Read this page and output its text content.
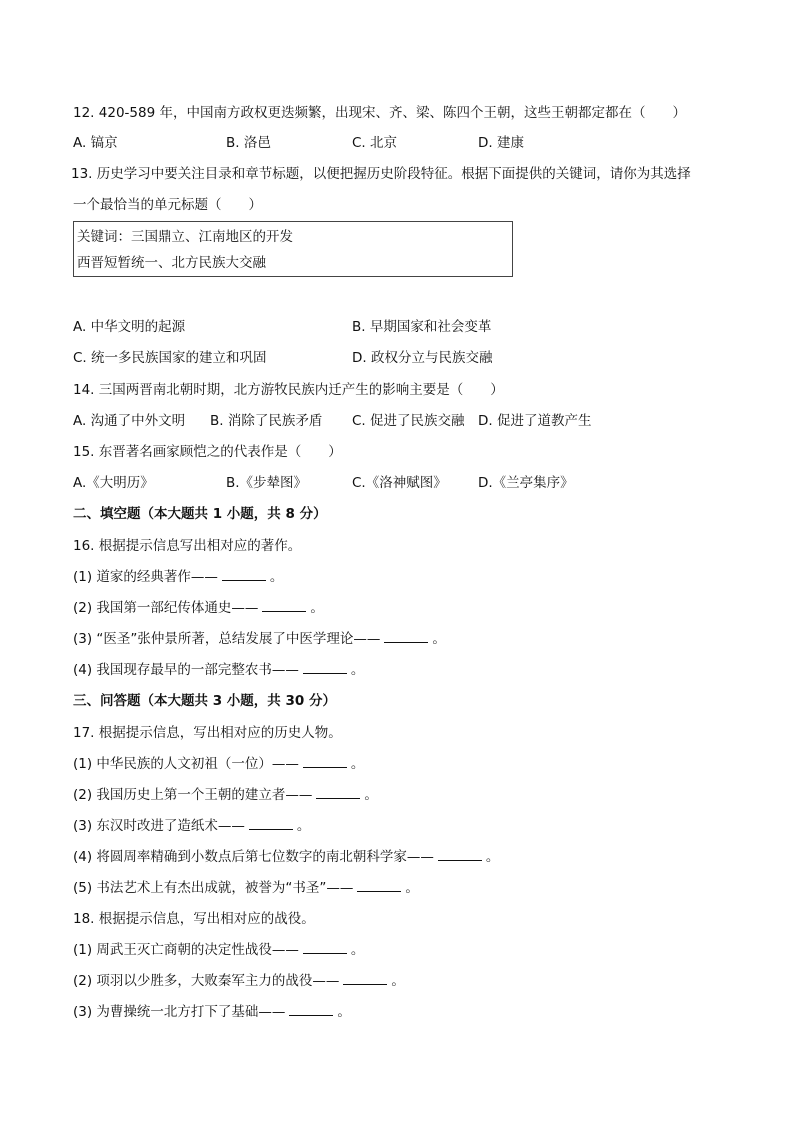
12. 420-589 年，中国南方政权更迭频繁，出现宋、齐、梁、陈四个王朝，这些王朝都定都在（　　）
A. 镐京	B. 洛邑	C. 北京	D. 建康
13. 历史学习中要关注目录和章节标题，以便把握历史阶段特征。根据下面提供的关键词，请你为其选择
一个最恰当的单元标题（　　）
关键词：三国鼎立、江南地区的开发
西晋短暂统一、北方民族大交融
A. 中华文明的起源	B. 早期国家和社会变革
C. 统一多民族国家的建立和巩固	D. 政权分立与民族交融
14. 三国两晋南北朝时期，北方游牧民族内迁产生的影响主要是（　　）
A. 沟通了中外文明 B. 消除了民族矛盾 C. 促进了民族交融 D. 促进了道教产生
15. 东晋著名画家顾恺之的代表作是（　　）
A.《大明历》	B.《步辇图》	C.《洛神赋图》 D.《兰亭集序》
二、填空题（本大题共 1 小题，共 8 分）
16. 根据提示信息写出相对应的著作。
(1) 道家的经典著作——	。
(2) 我国第一部纪传体通史——	。
(3) “医圣”张仲景所著，总结发展了中医学理论——	。
(4) 我国现存最早的一部完整农书——	。
三、问答题（本大题共 3 小题，共 30 分）
17. 根据提示信息，写出相对应的历史人物。
(1) 中华民族的人文初祖（一位）——	。
(2) 我国历史上第一个王朝的建立者——	。
(3) 东汉时改进了造纸术——	。
(4) 将圆周率精确到小数点后第七位数字的南北朝科学家——	。
(5) 书法艺术上有杰出成就，被誉为“书圣”——	。
18. 根据提示信息，写出相对应的战役。
(1) 周武王灭亡商朝的决定性战役——	。
(2) 项羽以少胜多，大败秦军主力的战役——	。
(3) 为曹操统一北方打下了基础——	。
